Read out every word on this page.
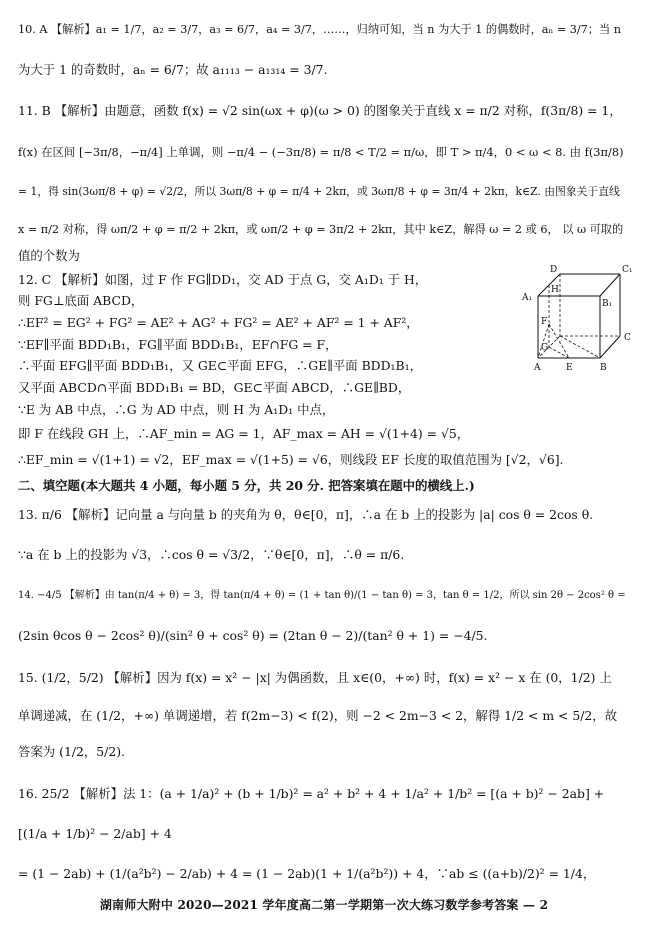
10. A 【解析】a₁ = 1/7，a₂ = 3/7，a₃ = 6/7，a₄ = 3/7，……，归纳可知，当 n 为大于 1 的偶数时，aₙ = 3/7；当 n
为大于 1 的奇数时，aₙ = 6/7；故 a₁₁₁₃ − a₁₃₁₄ = 3/7.
11. B 【解析】由题意，函数 f(x) = √2 sin(ωx + φ)(ω > 0) 的图象关于直线 x = π/2 对称，f(3π/8) = 1，
f(x) 在区间 [−3π/8，−π/4] 上单调，则 −π/4 − (−3π/8) = π/8 < T/2 = π/ω，即 T > π/4，0 < ω < 8. 由 f(3π/8)
= 1，得 sin(3ωπ/8 + φ) = √2/2，所以 3ωπ/8 + φ = π/4 + 2kπ，或 3ωπ/8 + φ = 3π/4 + 2kπ，k∈Z. 由图象关于直线
x = π/2 对称，得 ωπ/2 + φ = π/2 + 2kπ，或 ωπ/2 + φ = 3π/2 + 2kπ，其中 k∈Z，解得 ω = 2 或 6， 以 ω 可取的
值的个数为
12. C 【解析】如图，过 F 作 FG∥DD₁，交 AD 于点 G，交 A₁D₁ 于 H，
则 FG⊥底面 ABCD，
∴EF² = EG² + FG² = AE² + AG² + FG² = AE² + AF² = 1 + AF²，
∵EF∥平面 BDD₁B₁，FG∥平面 BDD₁B₁，EF∩FG = F，
∴平面 EFG∥平面 BDD₁B₁，又 GE⊂平面 EFG，∴GE∥平面 BDD₁B₁，
又平面 ABCD∩平面 BDD₁B₁ = BD，GE⊂平面 ABCD，∴GE∥BD，
∵E 为 AB 中点，∴G 为 AD 中点，则 H 为 A₁D₁ 中点，
即 F 在线段 GH 上，∴AF_min = AG = 1，AF_max = AH = √(1+4) = √5，
∴EF_min = √(1+1) = √2，EF_max = √(1+5) = √6，则线段 EF 长度的取值范围为 [√2，√6].
D	C₁
A₁
H
B₁
C
F
G
A	E	B
二、填空题(本大题共 4 小题，每小题 5 分，共 20 分. 把答案填在题中的横线上.)
13. π/6 【解析】记向量 a 与向量 b 的夹角为 θ，θ∈[0，π]，∴a 在 b 上的投影为 |a| cos θ = 2cos θ.
∵a 在 b 上的投影为 √3，∴cos θ = √3/2，∵θ∈[0，π]，∴θ = π/6.
14. −4/5 【解析】由 tan(π/4 + θ) = 3，得 tan(π/4 + θ) = (1 + tan θ)/(1 − tan θ) = 3，tan θ = 1/2，所以 sin 2θ − 2cos² θ =
(2sin θcos θ − 2cos² θ)/(sin² θ + cos² θ) = (2tan θ − 2)/(tan² θ + 1) = −4/5.
15. (1/2，5/2) 【解析】因为 f(x) = x² − |x| 为偶函数，且 x∈(0，+∞) 时，f(x) = x² − x 在 (0，1/2) 上
单调递减，在 (1/2，+∞) 单调递增，若 f(2m−3) < f(2)，则 −2 < 2m−3 < 2，解得 1/2 < m < 5/2，故
答案为 (1/2，5/2).
16. 25/2 【解析】法 1：(a + 1/a)² + (b + 1/b)² = a² + b² + 4 + 1/a² + 1/b² = [(a + b)² − 2ab] +
[(1/a + 1/b)² − 2/ab] + 4
= (1 − 2ab) + (1/(a²b²) − 2/ab) + 4 = (1 − 2ab)(1 + 1/(a²b²)) + 4，∵ab ≤ ((a+b)/2)² = 1/4，
湖南师大附中 2020—2021 学年度高二第一学期第一次大练习数学参考答案 — 2
